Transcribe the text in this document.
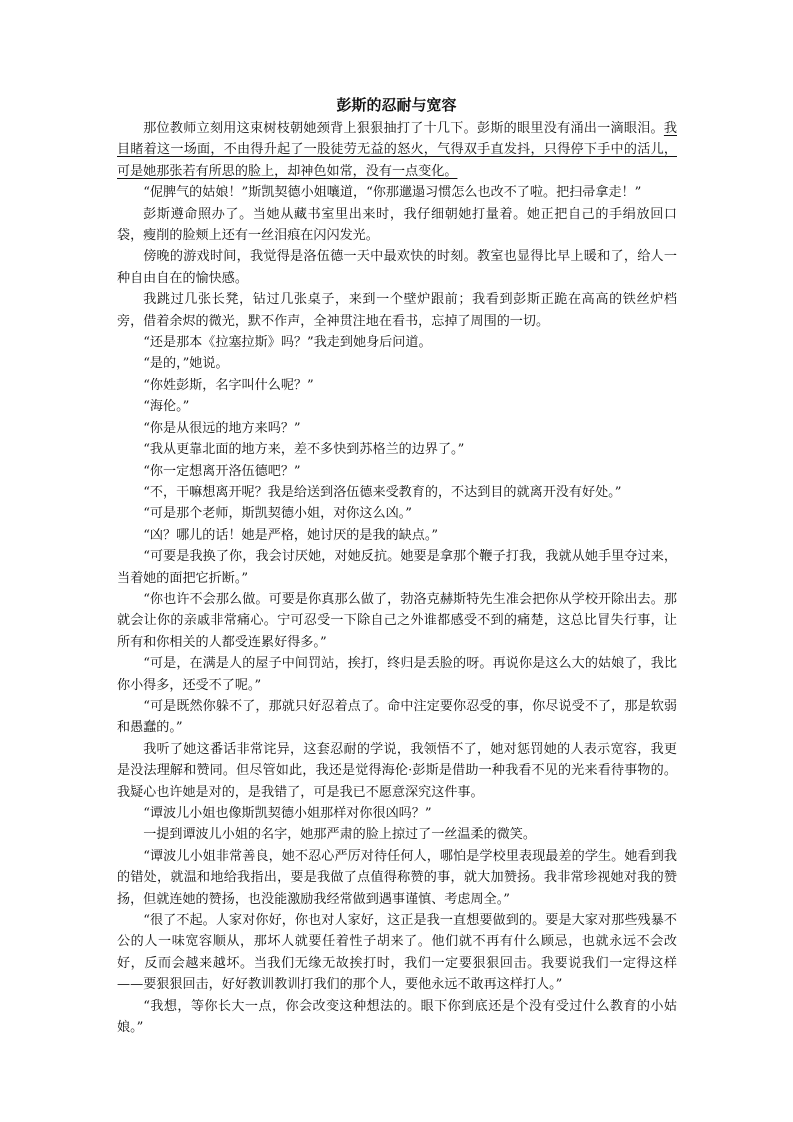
彭斯的忍耐与宽容

那位教师立刻用这束树枝朝她颈背上狠狠抽打了十几下。彭斯的眼里没有涌出一滴眼泪。我目睹着这一场面，不由得升起了一股徒劳无益的怒火，气得双手直发抖，只得停下手中的活儿，可是她那张若有所思的脸上，却神色如常，没有一点变化。

“伲脾气的姑娘！”斯凯契德小姐嚷道，“你那邋遢习惯怎么也改不了啦。把扫帚拿走！”

彭斯遵命照办了。当她从藏书室里出来时，我仔细朝她打量着。她正把自己的手绢放回口袋，瘦削的脸颊上还有一丝泪痕在闪闪发光。

傍晚的游戏时间，我觉得是洛伍德一天中最欢快的时刻。教室也显得比早上暖和了，给人一种自由自在的愉快感。

我跳过几张长凳，钻过几张桌子，来到一个壁炉跟前；我看到彭斯正跪在高高的铁丝炉档旁，借着余烬的微光，默不作声，全神贯注地在看书，忘掉了周围的一切。

“还是那本《拉塞拉斯》吗？”我走到她身后问道。

“是的，”她说。

“你姓彭斯，名字叫什么呢？”

“海伦。”

“你是从很远的地方来吗？”

“我从更靠北面的地方来，差不多快到苏格兰的边界了。”

“你一定想离开洛伍德吧？”

“不，干嘛想离开呢？我是给送到洛伍德来受教育的，不达到目的就离开没有好处。”

“可是那个老师，斯凯契德小姐，对你这么凶。”

“凶？哪儿的话！她是严格，她讨厌的是我的缺点。”

“可要是我换了你，我会讨厌她，对她反抗。她要是拿那个鞭子打我，我就从她手里夺过来，当着她的面把它折断。”

“你也许不会那么做。可要是你真那么做了，勃洛克赫斯特先生准会把你从学校开除出去。那就会让你的亲戚非常痛心。宁可忍受一下除自己之外谁都感受不到的痛楚，这总比冒失行事，让所有和你相关的人都受连累好得多。”

“可是，在满是人的屋子中间罚站，挨打，终归是丢脸的呀。再说你是这么大的姑娘了，我比你小得多，还受不了呢。”

“可是既然你躲不了，那就只好忍着点了。命中注定要你忍受的事，你尽说受不了，那是软弱和愚蠢的。”

我听了她这番话非常诧异，这套忍耐的学说，我领悟不了，她对惩罚她的人表示宽容，我更是没法理解和赞同。但尽管如此，我还是觉得海伦·彭斯是借助一种我看不见的光来看待事物的。我疑心也许她是对的，是我错了，可是我已不愿意深究这件事。

“谭波儿小姐也像斯凯契德小姐那样对你很凶吗？”

一提到谭波儿小姐的名字，她那严肃的脸上掠过了一丝温柔的微笑。

“谭波儿小姐非常善良，她不忍心严厉对待任何人，哪怕是学校里表现最差的学生。她看到我的错处，就温和地给我指出，要是我做了点值得称赞的事，就大加赞扬。我非常珍视她对我的赞扬，但就连她的赞扬，也没能激励我经常做到遇事谨慎、考虑周全。”

“很了不起。人家对你好，你也对人家好，这正是我一直想要做到的。要是大家对那些残暴不公的人一味宽容顺从，那坏人就要任着性子胡来了。他们就不再有什么顾忌，也就永远不会改好，反而会越来越坏。当我们无缘无故挨打时，我们一定要狠狠回击。我要说我们一定得这样——要狠狠回击，好好教训教训打我们的那个人，要他永远不敢再这样打人。”

“我想，等你长大一点，你会改变这种想法的。眼下你到底还是个没有受过什么教育的小姑娘。”
